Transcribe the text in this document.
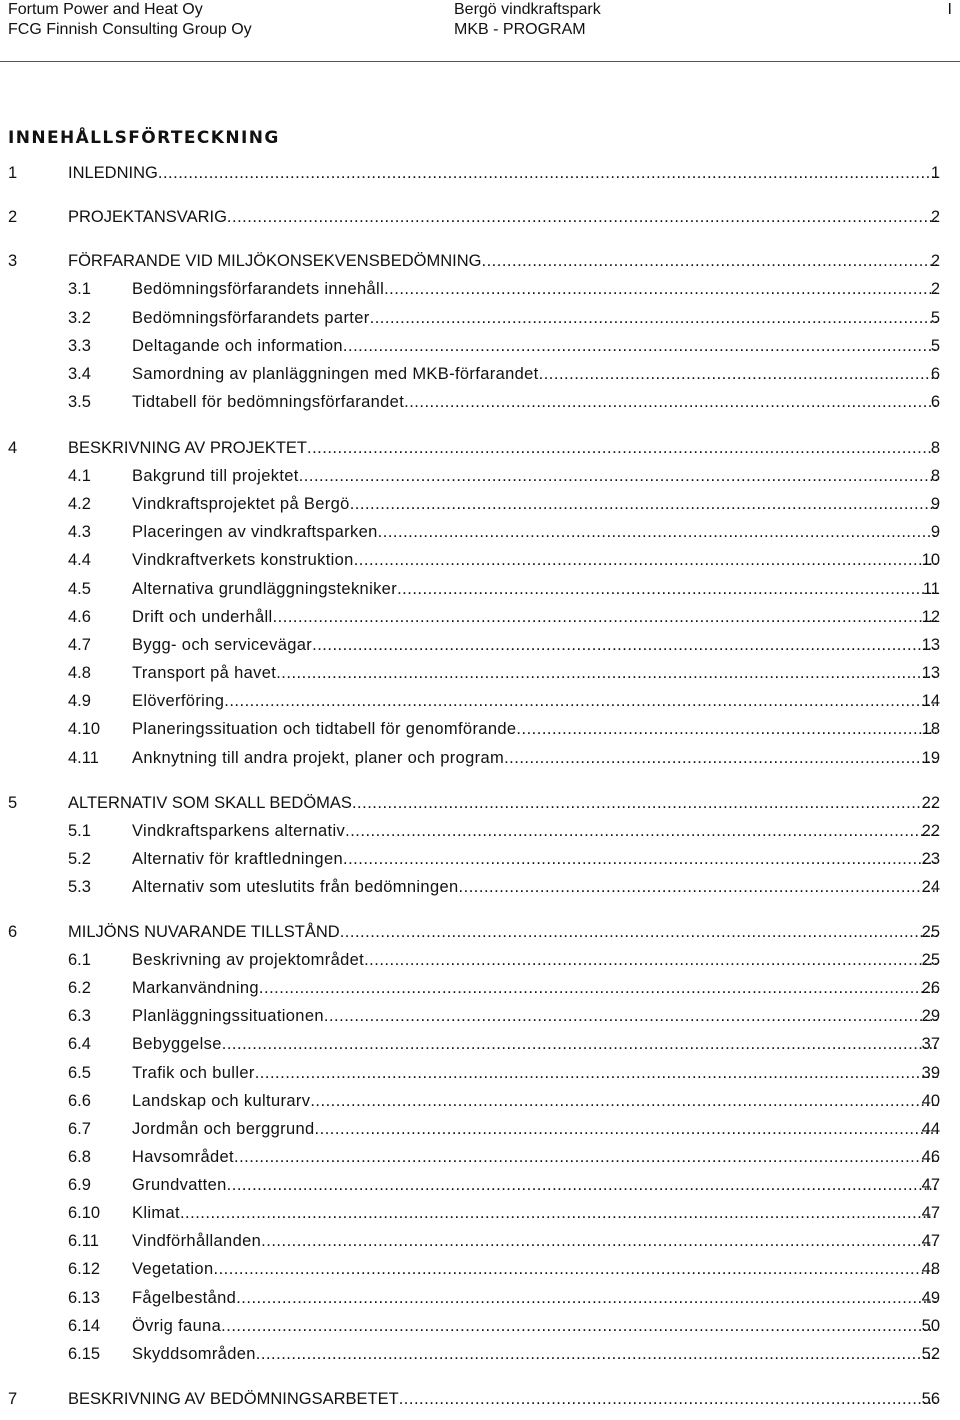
Fortum Power and Heat Oy
FCG Finnish Consulting Group Oy
Bergö vindkraftspark
MKB - PROGRAM
I
INNEHÅLLSFÖRTECKNING
1	INLEDNING .....	1
2	PROJEKTANSVARIG .....	2
3	FÖRFARANDE VID MILJÖKONSEKVENSBEDÖMNING .....	2
3.1 Bedömningsförfarandets innehåll .....	2
3.2 Bedömningsförfarandets parter .....	5
3.3 Deltagande och information .....	5
3.4 Samordning av planläggningen med MKB-förfarandet .....	6
3.5 Tidtabell för bedömningsförfarandet .....	6
4	BESKRIVNING AV PROJEKTET .....	8
4.1 Bakgrund till projektet .....	8
4.2 Vindkraftsprojektet på Bergö .....	9
4.3 Placeringen av vindkraftsparken .....	9
4.4 Vindkraftverkets konstruktion .....	10
4.5 Alternativa grundläggningstekniker .....	11
4.6 Drift och underhåll .....	12
4.7 Bygg- och servicevägar .....	13
4.8 Transport på havet .....	13
4.9 Elöverföring .....	14
4.10 Planeringssituation och tidtabell för genomförande .....	18
4.11 Anknytning till andra projekt, planer och program .....	19
5	ALTERNATIV SOM SKALL BEDÖMAS .....	22
5.1 Vindkraftsparkens alternativ .....	22
5.2 Alternativ för kraftledningen .....	23
5.3 Alternativ som uteslutits från bedömningen .....	24
6	MILJÖNS NUVARANDE TILLSTÅND .....	25
6.1 Beskrivning av projektområdet .....	25
6.2 Markanvändning .....	26
6.3 Planläggningssituationen .....	29
6.4 Bebyggelse .....	37
6.5 Trafik och buller .....	39
6.6 Landskap och kulturarv .....	40
6.7 Jordmån och berggrund .....	44
6.8 Havsområdet .....	46
6.9 Grundvatten .....	47
6.10 Klimat .....	47
6.11 Vindförhållanden .....	47
6.12 Vegetation .....	48
6.13 Fågelbestånd .....	49
6.14 Övrig fauna .....	50
6.15 Skyddsområden .....	52
7	BESKRIVNING AV BEDÖMNINGSARBETET .....	56
